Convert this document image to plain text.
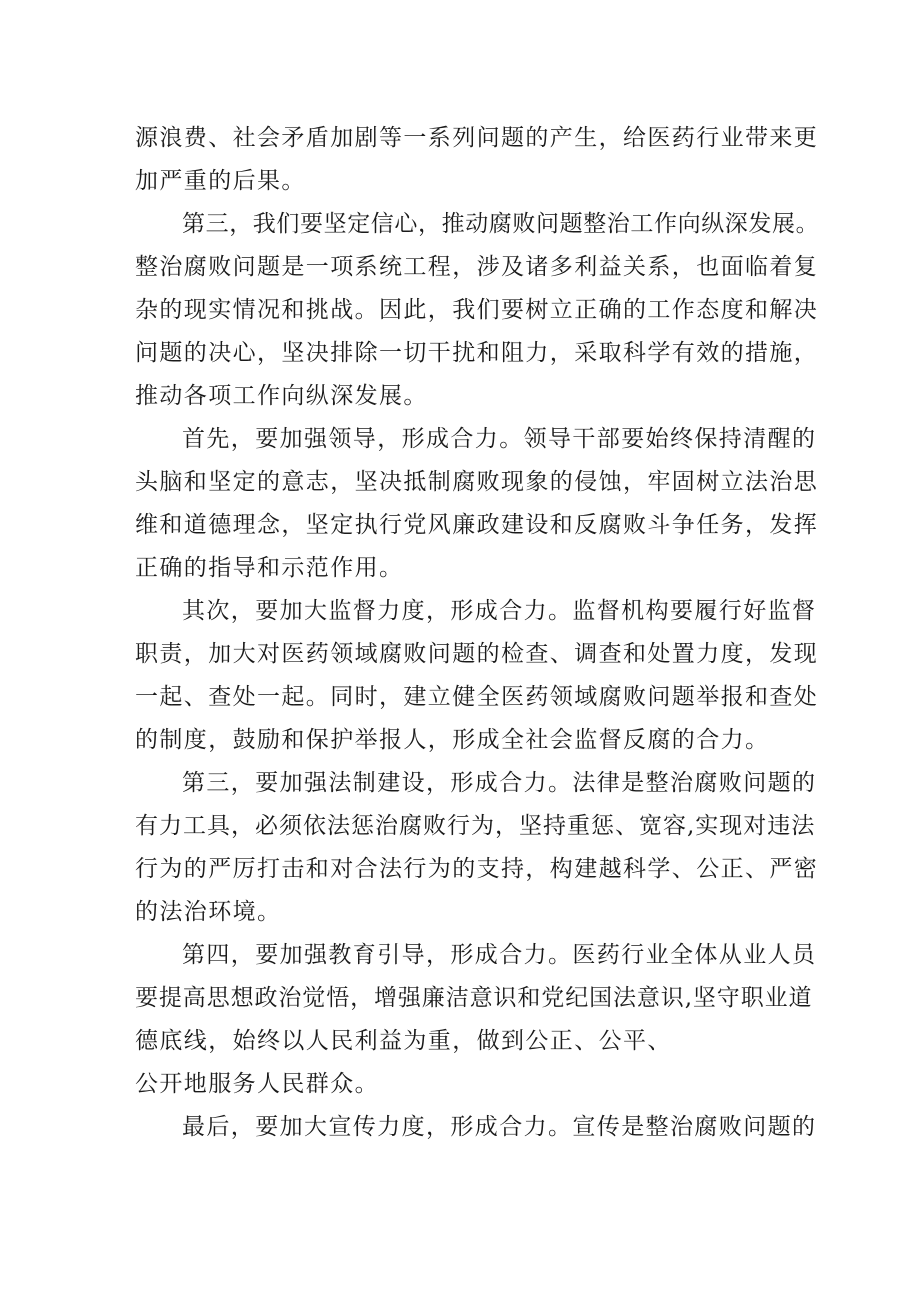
源浪费、社会矛盾加剧等一系列问题的产生，给医药行业带来更

加严重的后果。

第三，我们要坚定信心，推动腐败问题整治工作向纵深发展。

整治腐败问题是一项系统工程，涉及诸多利益关系，也面临着复

杂的现实情况和挑战。因此，我们要树立正确的工作态度和解决

问题的决心，坚决排除一切干扰和阻力，采取科学有效的措施，

推动各项工作向纵深发展。

首先，要加强领导，形成合力。领导干部要始终保持清醒的

头脑和坚定的意志，坚决抵制腐败现象的侵蚀，牢固树立法治思

维和道德理念，坚定执行党风廉政建设和反腐败斗争任务，发挥

正确的指导和示范作用。

其次，要加大监督力度，形成合力。监督机构要履行好监督

职责，加大对医药领域腐败问题的检查、调查和处置力度，发现

一起、查处一起。同时，建立健全医药领域腐败问题举报和查处

的制度，鼓励和保护举报人，形成全社会监督反腐的合力。

第三，要加强法制建设，形成合力。法律是整治腐败问题的

有力工具，必须依法惩治腐败行为，坚持重惩、宽容,实现对违法

行为的严厉打击和对合法行为的支持，构建越科学、公正、严密

的法治环境。

第四，要加强教育引导，形成合力。医药行业全体从业人员

要提高思想政治觉悟，增强廉洁意识和党纪国法意识,坚守职业道

德底线，始终以人民利益为重，做到公正、公平、

公开地服务人民群众。

最后，要加大宣传力度，形成合力。宣传是整治腐败问题的
